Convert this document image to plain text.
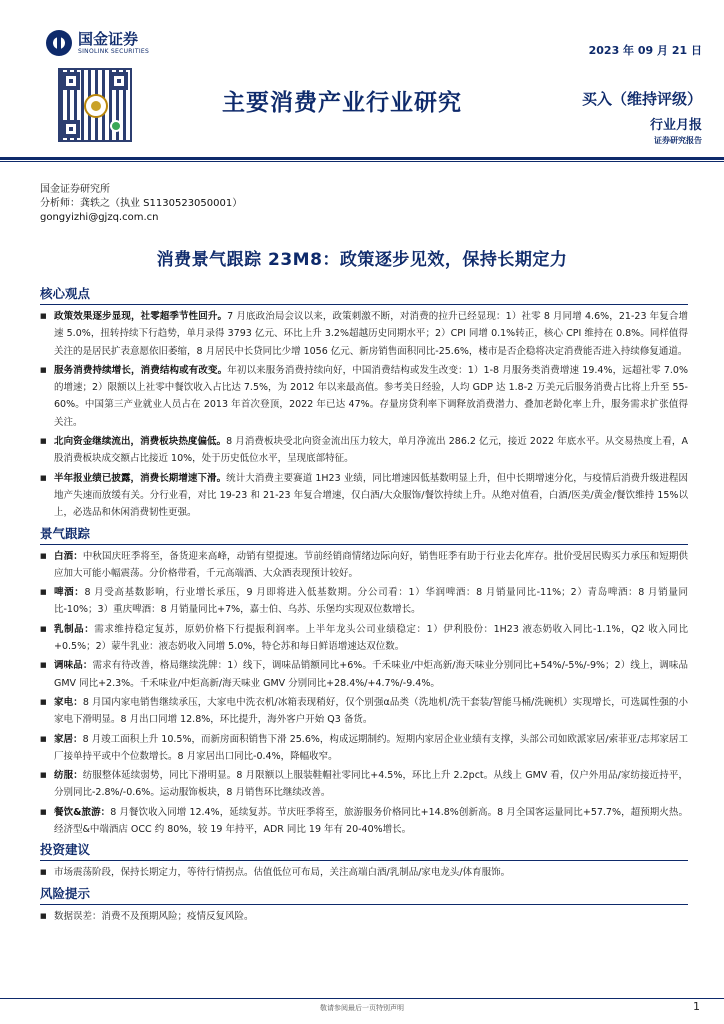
国金证券
SINOLINK SECURITIES	2023 年 09 月 21 日
主要消费产业行业研究	买入（维持评级）
行业月报
证券研究报告
国金证券研究所
分析师：龚轶之（执业 S1130523050001）
gongyizhi@gjzq.com.cn
消费景气跟踪 23M8：政策逐步见效，保持长期定力
核心观点
■ 政策效果逐步显现，社零超季节性回升。7 月底政治局会议以来，政策刺激不断，对消费的拉升已经显现：1）社零 8 月同增 4.6%，21-23 年复合增速 5.0%，扭转持续下行趋势，单月录得 3793 亿元、环比上升 3.2%超越历史同期水平；2）CPI 同增 0.1%转正，核心 CPI 维持在 0.8%。同样值得关注的是居民扩表意愿依旧萎缩，8 月居民中长贷同比少增 1056 亿元、新房销售面积同比-25.6%，楼市是否企稳将决定消费能否进入持续修复通道。
■ 服务消费持续增长，消费结构或有改变。年初以来服务消费持续向好，中国消费结构或发生改变：1）1-8 月服务类消费增速 19.4%，远超社零 7.0%的增速；2）限额以上社零中餐饮收入占比达 7.5%，为 2012 年以来最高值。参考美日经验，人均 GDP 达 1.8-2 万美元后服务消费占比将上升至 55-60%。中国第三产业就业人员占在 2013 年首次登顶，2022 年已达 47%。存量房贷利率下调释放消费潜力、叠加老龄化率上升，服务需求扩张值得关注。
■ 北向资金继续流出，消费板块热度偏低。8 月消费板块受北向资金流出压力较大，单月净流出 286.2 亿元，接近 2022 年底水平。从交易热度上看，A 股消费板块成交额占比接近 10%，处于历史低位水平，呈现底部特征。
■ 半年报业绩已披露，消费长期增速下滑。统计大消费主要赛道 1H23 业绩，同比增速因低基数明显上升，但中长期增速分化，与疫情后消费升级进程因地产失速而放缓有关。分行业看，对比 19-23 和 21-23 年复合增速，仅白酒/大众服饰/餐饮持续上升。从绝对值看，白酒/医美/黄金/餐饮维持 15%以上，必选品和休闲消费韧性更强。
景气跟踪
■ 白酒：中秋国庆旺季将至，备货迎来高峰，动销有望提速。节前经销商情绪边际向好，销售旺季有助于行业去化库存。批价受居民购买力承压和短期供应加大可能小幅震荡。分价格带看，千元高端酒、大众酒表现预计较好。
■ 啤酒：8 月受高基数影响，行业增长承压，9 月即将进入低基数期。分公司看：1）华润啤酒：8 月销量同比-11%；2）青岛啤酒：8 月销量同比-10%；3）重庆啤酒：8 月销量同比+7%，嘉士伯、乌苏、乐堡均实现双位数增长。
■ 乳制品：需求维持稳定复苏，原奶价格下行提振利润率。上半年龙头公司业绩稳定：1）伊利股份：1H23 液态奶收入同比-1.1%，Q2 收入同比+0.5%；2）蒙牛乳业：液态奶收入同增 5.0%，特仑苏和每日鲜语增速达双位数。
■ 调味品：需求有待改善，格局继续洗牌：1）线下，调味品销额同比+6%。千禾味业/中炬高新/海天味业分别同比+54%/-5%/-9%；2）线上，调味品 GMV 同比+2.3%。千禾味业/中炬高新/海天味业 GMV 分别同比+28.4%/+4.7%/-9.4%。
■ 家电：8 月国内家电销售继续承压，大家电中洗衣机/冰箱表现稍好，仅个别强α品类（洗地机/洗干套装/智能马桶/洗碗机）实现增长，可选属性强的小家电下滑明显。8 月出口同增 12.8%，环比提升，海外客户开始 Q3 备货。
■ 家居：8 月竣工面积上升 10.5%，而新房面积销售下滑 25.6%，构成远期制约。短期内家居企业业绩有支撑，头部公司如欧派家居/索菲亚/志邦家居工厂接单持平或中个位数增长。8 月家居出口同比-0.4%，降幅收窄。
■ 纺服：纺服整体延续弱势，同比下滑明显。8 月限额以上服装鞋帽社零同比+4.5%，环比上升 2.2pct。从线上 GMV 看，仅户外用品/家纺接近持平，分别同比-2.8%/-0.6%。运动服饰板块，8 月销售环比继续改善。
■ 餐饮&旅游：8 月餐饮收入同增 12.4%，延续复苏。节庆旺季将至，旅游服务价格同比+14.8%创新高。8 月全国客运量同比+57.7%，超预期火热。经济型&中端酒店 OCC 约 80%，较 19 年持平，ADR 同比 19 年有 20-40%增长。
投资建议
■ 市场震荡阶段，保持长期定力，等待行情拐点。估值低位可布局，关注高端白酒/乳制品/家电龙头/体育服饰。
风险提示
■ 数据误差：消费不及预期风险；疫情反复风险。
敬请参阅最后一页特别声明	1
